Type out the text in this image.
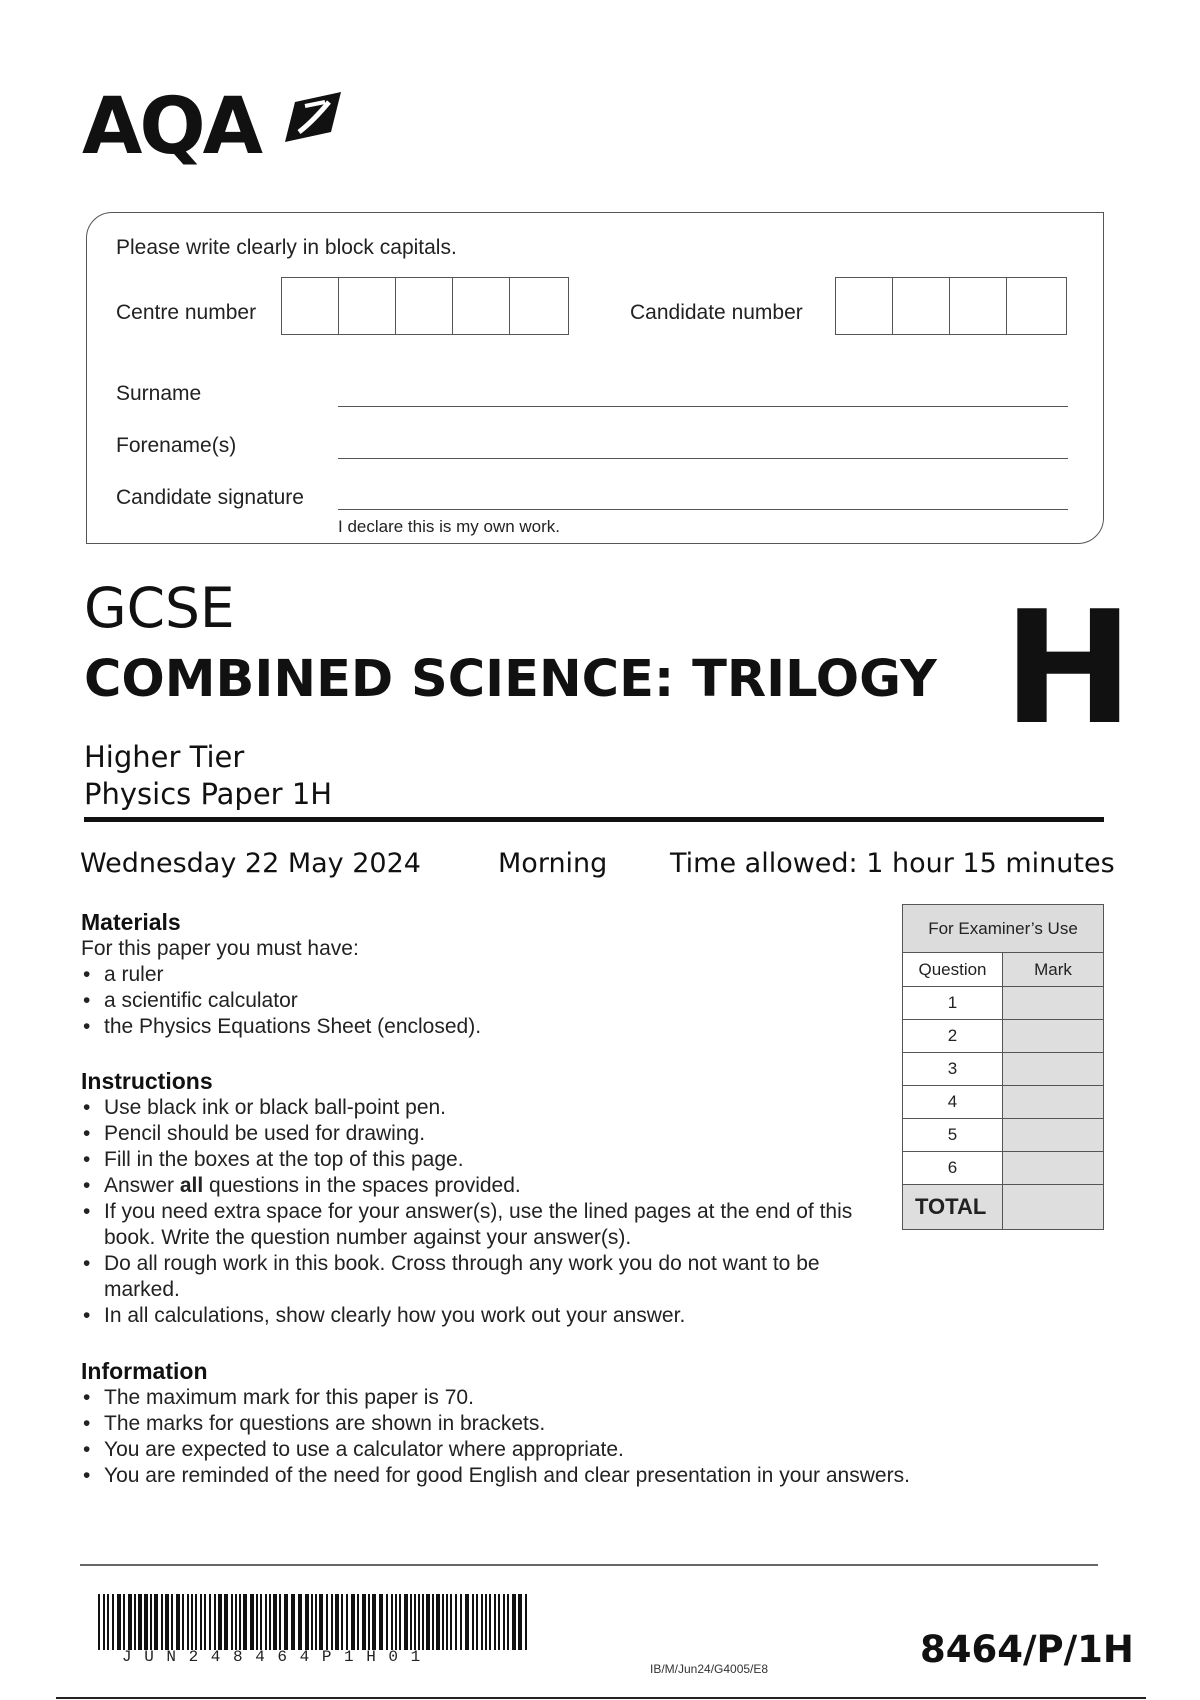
AQA
Please write clearly in block capitals.
Centre number	Candidate number
Surname
Forename(s)
Candidate signature
I declare this is my own work.
GCSE
COMBINED SCIENCE: TRILOGY H
Higher Tier
Physics Paper 1H
Wednesday 22 May 2024	Morning Time allowed: 1 hour 15 minutes
Materials
For this paper you must have:
• a ruler
• a scientific calculator
• the Physics Equations Sheet (enclosed).
Instructions
• Use black ink or black ball-point pen.
• Pencil should be used for drawing.
• Fill in the boxes at the top of this page.
• Answer all questions in the spaces provided.
• If you need extra space for your answer(s), use the lined pages at the end of this book. Write the question number against your answer(s).
• Do all rough work in this book. Cross through any work you do not want to be marked.
• In all calculations, show clearly how you work out your answer.
Information
• The maximum mark for this paper is 70.
• The marks for questions are shown in brackets.
• You are expected to use a calculator where appropriate.
• You are reminded of the need for good English and clear presentation in your answers.
For Examiner’s Use	
Question	Mark
1	
2	
3	
4	
5	
6	
TOTAL	
JUN248464P1H01
IB/M/Jun24/G4005/E8	8464/P/1H
